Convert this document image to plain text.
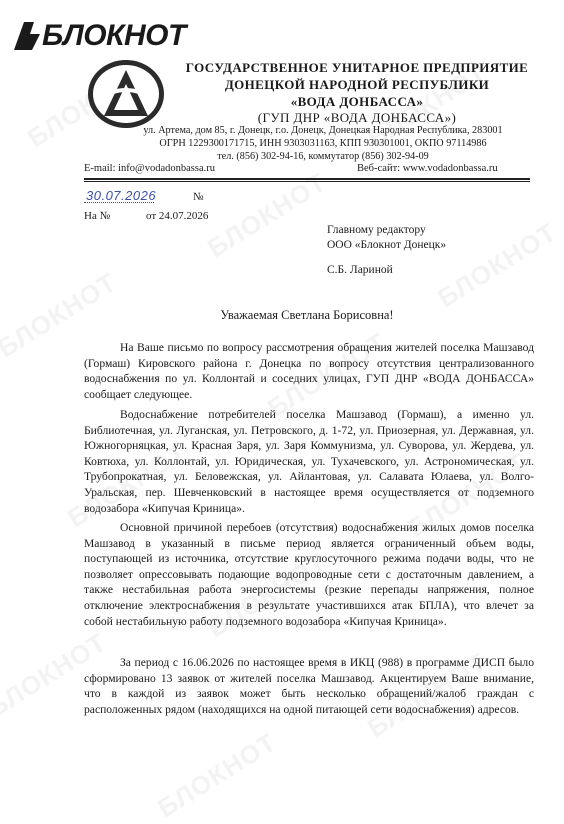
БЛОКНОТ
ГОСУДАРСТВЕННОЕ УНИТАРНОЕ ПРЕДПРИЯТИЕ
ДОНЕЦКОЙ НАРОДНОЙ РЕСПУБЛИКИ
«ВОДА ДОНБАССА»
(ГУП ДНР «ВОДА ДОНБАССА»)
ул. Артема, дом 85, г. Донецк, г.о. Донецк, Донецкая Народная Республика, 283001
ОГРН 1229300171715, ИНН 9303031163, КПП 930301001, ОКПО 97114986
тел. (856) 302-94-16, коммутатор (856) 302-94-09
E-mail: info@vodadonbassa.ru	Веб-сайт: www.vodadonbassa.ru
30.07.2026	№
На №	от 24.07.2026
Главному редактору
ООО «Блокнот Донецк»
С.Б. Лариной
Уважаемая Светлана Борисовна!

На Ваше письмо по вопросу рассмотрения обращения жителей поселка Машзавод (Гормаш) Кировского района г. Донецка по вопросу отсутствия централизованного водоснабжения по ул. Коллонтай и соседних улицах, ГУП ДНР «ВОДА ДОНБАССА» сообщает следующее.

Водоснабжение потребителей поселка Машзавод (Гормаш), а именно ул. Библиотечная, ул. Луганская, ул. Петровского, д. 1-72, ул. Приозерная, ул. Державная, ул. Южногорняцкая, ул. Красная Заря, ул. Заря Коммунизма, ул. Суворова, ул. Жердева, ул. Ковтюха, ул. Коллонтай, ул. Юридическая, ул. Тухачевского, ул. Астрономическая, ул. Трубопрокатная, ул. Беловежская, ул. Айлантовая, ул. Салавата Юлаева, ул. Волго-Уральская, пер. Шевченковский в настоящее время осуществляется от подземного водозабора «Кипучая Криница».

Основной причиной перебоев (отсутствия) водоснабжения жилых домов поселка Машзавод в указанный в письме период является ограниченный объем воды, поступающей из источника, отсутствие круглосуточного режима подачи воды, что не позволяет опрессовывать подающие водопроводные сети с достаточным давлением, а также нестабильная работа энергосистемы (резкие перепады напряжения, полное отключение электроснабжения в результате участившихся атак БПЛА), что влечет за собой нестабильную работу подземного водозабора «Кипучая Криница».

За период с 16.06.2026 по настоящее время в ИКЦ (988) в программе ДИСП было сформировано 13 заявок от жителей поселка Машзавод. Акцентируем Ваше внимание, что в каждой из заявок может быть несколько обращений/жалоб граждан с расположенных рядом (находящихся на одной питающей сети водоснабжения) адресов.
